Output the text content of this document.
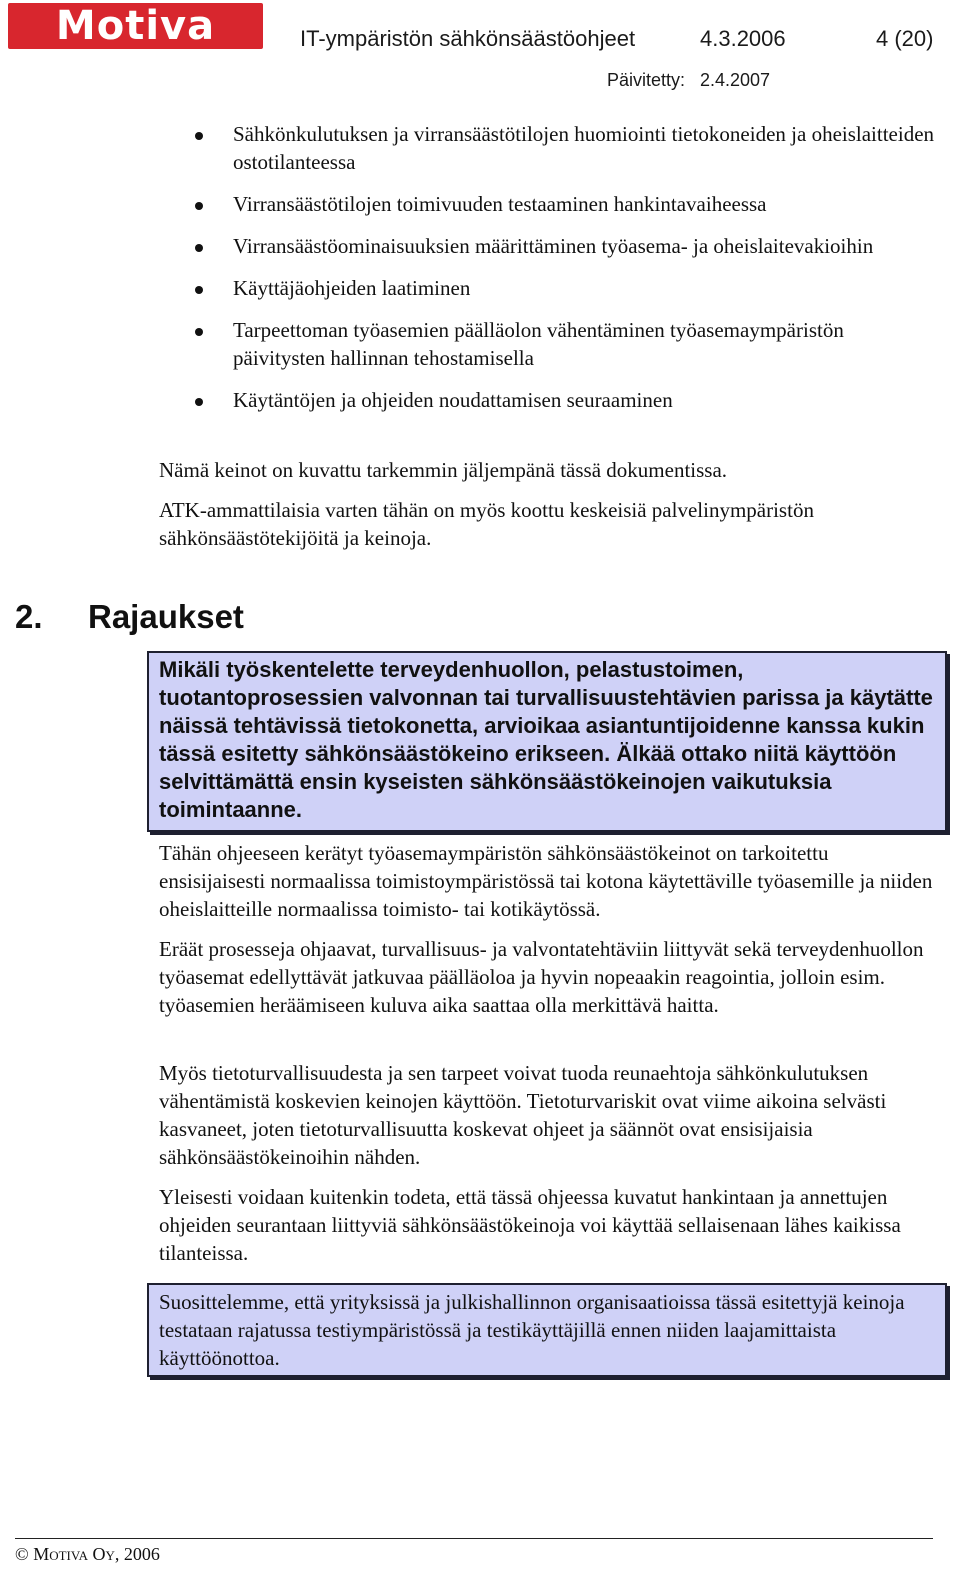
Motiva	IT-ympäristön sähkönsäästöohjeet	4.3.2006	4 (20)
Päivitetty: 2.4.2007
Sähkönkulutuksen ja virransäästötilojen huomiointi tietokoneiden ja oheislaitteiden ostotilanteessa
Virransäästötilojen toimivuuden testaaminen hankintavaiheessa
Virransäästöominaisuuksien määrittäminen työasema- ja oheislaitevakioihin
Käyttäjäohjeiden laatiminen
Tarpeettoman työasemien päälläolon vähentäminen työasemaympäristön päivitysten hallinnan tehostamisella
Käytäntöjen ja ohjeiden noudattamisen seuraaminen

Nämä keinot on kuvattu tarkemmin jäljempänä tässä dokumentissa.

ATK-ammattilaisia varten tähän on myös koottu keskeisiä palvelinympäristön sähkönsäästötekijöitä ja keinoja.

2. Rajaukset

Mikäli työskentelette terveydenhuollon, pelastustoimen, tuotantoprosessien valvonnan tai turvallisuustehtävien parissa ja käytätte näissä tehtävissä tietokonetta, arvioikaa asiantuntijoidenne kanssa kukin tässä esitetty sähkönsäästökeino erikseen. Älkää ottako niitä käyttöön selvittämättä ensin kyseisten sähkönsäästökeinojen vaikutuksia toimintaanne.

Tähän ohjeeseen kerätyt työasemaympäristön sähkönsäästökeinot on tarkoitettu ensisijaisesti normaalissa toimistoympäristössä tai kotona käytettäville työasemille ja niiden oheislaitteille normaalissa toimisto- tai kotikäytössä.

Eräät prosesseja ohjaavat, turvallisuus- ja valvontatehtäviin liittyvät sekä terveydenhuollon työasemat edellyttävät jatkuvaa päälläoloa ja hyvin nopeaakin reagointia, jolloin esim. työasemien heräämiseen kuluva aika saattaa olla merkittävä haitta.

Myös tietoturvallisuudesta ja sen tarpeet voivat tuoda reunaehtoja sähkönkulutuksen vähentämistä koskevien keinojen käyttöön. Tietoturvariskit ovat viime aikoina selvästi kasvaneet, joten tietoturvallisuutta koskevat ohjeet ja säännöt ovat ensisijaisia sähkönsäästökeinoihin nähden.

Yleisesti voidaan kuitenkin todeta, että tässä ohjeessa kuvatut hankintaan ja annettujen ohjeiden seurantaan liittyviä sähkönsäästökeinoja voi käyttää sellaisenaan lähes kaikissa tilanteissa.

Suosittelemme, että yrityksissä ja julkishallinnon organisaatioissa tässä esitettyjä keinoja testataan rajatussa testiympäristössä ja testikäyttäjillä ennen niiden laajamittaista käyttöönottoa.

© Motiva Oy, 2006
